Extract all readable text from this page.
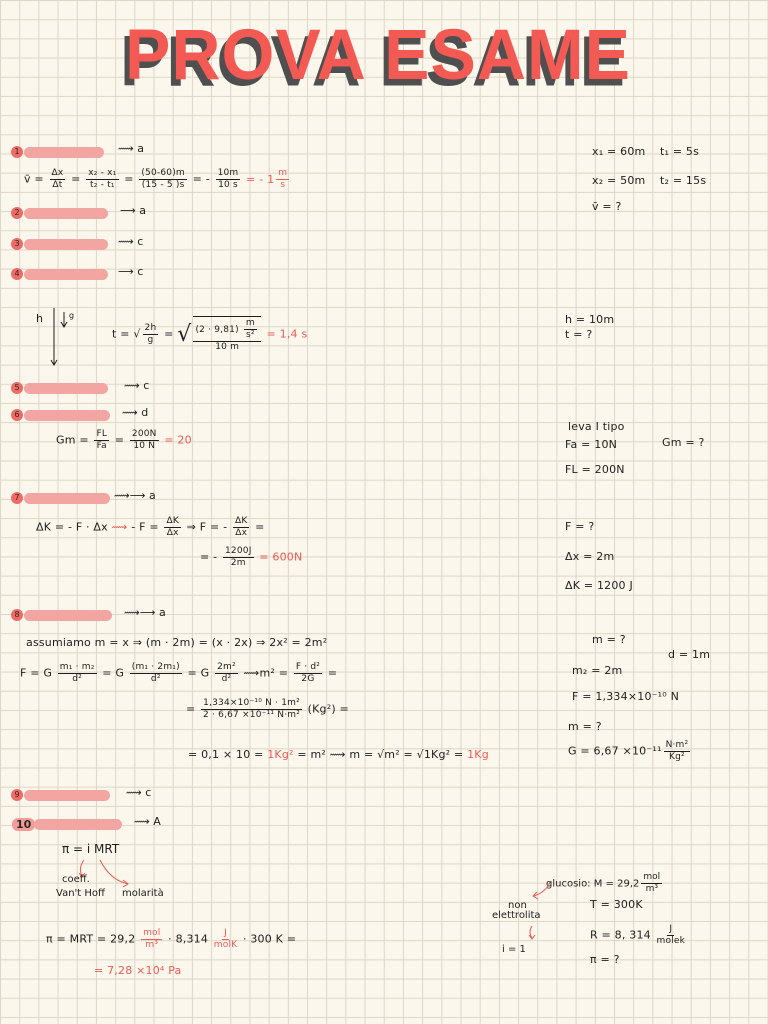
PROVA ESAME
1	⟿ a
v̄ = $\frac{\Delta x}{\Delta t} = \frac{\text{x₂ - x₁}}{\text{t₂ - t₁}} = \frac{(50-60)m}{(15 - 5 )s}$ = - $\frac{10m}{10 s}$ = - $1 \frac{m}{s}$
x₁ = 60m t₁ = 5s
x₂ = 50m t₂ = 15s
v̄ = ?
2	⟶ a
3	⟿ c
4	⟶ c
h	g
t = √ $\frac{2h}{g}$ = √ $\frac{(2 \cdot 9,81) \frac{m}{\text{s²}}}{10 m} = 1,4$ s
h = 10m
t = ?
5	⟿ c
6	⟿ d
$Gm = \frac{FL}{Fa} = \frac{200N}{10 N} = 20$
leva I tipo
Fa = 10N
FL = 200N
Gm = ?
7	⟿⟶ a
ΔK = - F · Δx ⟿ - $F = \frac{\Delta K}{\Delta x}$ ⇒ F = - $\frac{\Delta K}{\Delta x}$ =
= - $\frac{1200J}{2m} = 600N$
F = ?
Δx = 2m
ΔK = 1200 J
8	⟿⟶ a
assumiamo m = x ⇒ (m · 2m) = (x · 2x) ⇒ 2x² = 2m²
F = G $\frac{\text{m₁ · m₂}}{\text{d²}} = G \frac{\text{(m₁ · 2m₁)}}{\text{d²}} = G \frac{\text{2m²}}{\text{d²}}$ ⟿m² = $\frac{\text{F · d²}}{2G}$ =
= $\frac{\text{1,334×10⁻¹⁰ N · 1m²}}{\text{2 · 6,67 ×10⁻¹¹ N·m²}} (Kg^2)$ =
= 0,1 × 10 = 1Kg² = m² ⟿ m = √m² = √1Kg² = 1Kg
m = ?
d = 1m
m₂ = 2m
F = 1,334×10⁻¹⁰ N
m = ?
$G = 6,67 \times 10^{-11} \frac{\text{N·m²}}{\text{Kg²}}$
9	⟿ c
10	⟿ A
π = i MRT
coeff.
Van't Hoff molarità
π = MRT = $29,2 \frac{\text{mol}}{\text{m³}} \cdot 8,314 \frac{J}{\text{molK}} \cdot 300$ K =
= 7,28 ×10⁴ Pa
glucosio: $M = 29,2 \frac{\text{mol}}{\text{m³}}$
non
elettrolita
i = 1
T = 300K
R = 8, $314 \frac{J}{\text{molek}}$
π = ?
